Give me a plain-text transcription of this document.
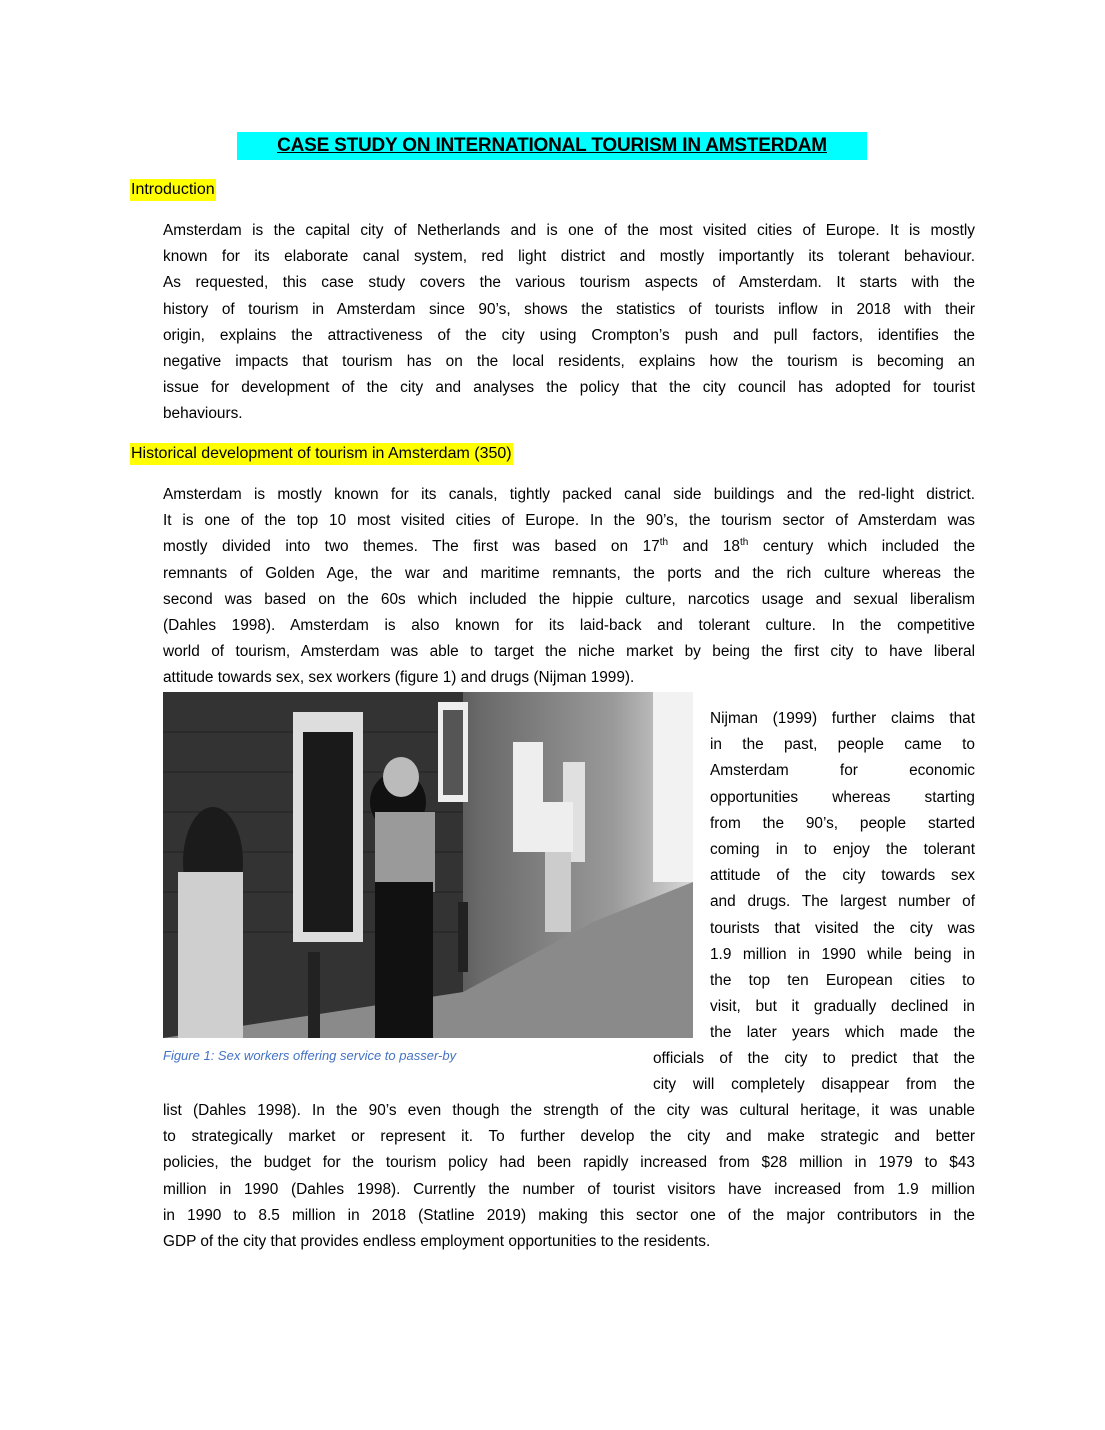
CASE STUDY ON INTERNATIONAL TOURISM IN AMSTERDAM
Introduction
Amsterdam is the capital city of Netherlands and is one of the most visited cities of Europe. It is mostly
known for its elaborate canal system, red light district and mostly importantly its tolerant behaviour.
As requested, this case study covers the various tourism aspects of Amsterdam. It starts with the
history of tourism in Amsterdam since 90’s, shows the statistics of tourists inflow in 2018 with their
origin, explains the attractiveness of the city using Crompton’s push and pull factors, identifies the
negative impacts that tourism has on the local residents, explains how the tourism is becoming an
issue for development of the city and analyses the policy that the city council has adopted for tourist
behaviours.
Historical development of tourism in Amsterdam (350)
Amsterdam is mostly known for its canals, tightly packed canal side buildings and the red-light district.
It is one of the top 10 most visited cities of Europe. In the 90’s, the tourism sector of Amsterdam was
mostly divided into two themes. The first was based on 17th and 18th century which included the
remnants of Golden Age, the war and maritime remnants, the ports and the rich culture whereas the
second was based on the 60s which included the hippie culture, narcotics usage and sexual liberalism
(Dahles 1998). Amsterdam is also known for its laid-back and tolerant culture. In the competitive
world of tourism, Amsterdam was able to target the niche market by being the first city to have liberal
attitude towards sex, sex workers (figure 1) and drugs (Nijman 1999).
Figure 1: Sex workers offering service to passer-by
Nijman (1999) further claims that
in the past, people came to
Amsterdam for economic
opportunities whereas starting
from the 90’s, people started
coming in to enjoy the tolerant
attitude of the city towards sex
and drugs. The largest number of
tourists that visited the city was
1.9 million in 1990 while being in
the top ten European cities to
visit, but it gradually declined in
the later years which made the
officials of the city to predict that the
city will completely disappear from the
list (Dahles 1998). In the 90’s even though the strength of the city was cultural heritage, it was unable
to strategically market or represent it. To further develop the city and make strategic and better
policies, the budget for the tourism policy had been rapidly increased from $28 million in 1979 to $43
million in 1990 (Dahles 1998). Currently the number of tourist visitors have increased from 1.9 million
in 1990 to 8.5 million in 2018 (Statline 2019) making this sector one of the major contributors in the
GDP of the city that provides endless employment opportunities to the residents.
